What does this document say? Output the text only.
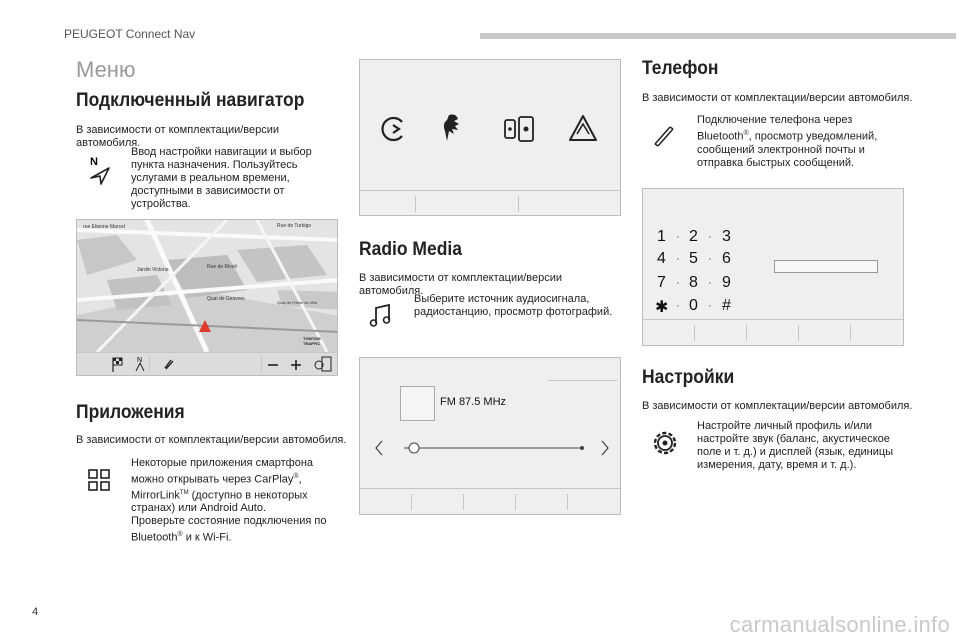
PEUGEOT Connect Nav
Меню
Подключенный навигатор
В зависимости от комплектации/версии автомобиля.
N
Ввод настройки навигации и выбор пункта назначения. Пользуйтесь услугами в реальном времени, доступными в зависимости от устройства.
rue Etienne Marcel	Rue de Turbigo
Jardin Victoria	Rue de Rivoli
Quai de Gesvres
Quai de l'Hôtel de Ville
TOMTOM TRAFFIC
N
Приложения
В зависимости от комплектации/версии автомобиля.
Некоторые приложения смартфона можно открывать через CarPlay®, MirrorLink™ (доступно в некоторых странах) или Android Auto.
Проверьте состояние подключения по
Bluetooth® и к Wi-Fi.
Radio Media
В зависимости от комплектации/версии автомобиля.
Выберите источник аудиосигнала, радиостанцию, просмотр фотографий.
FM 87.5 MHz
Телефон
В зависимости от комплектации/версии автомобиля.
Подключение телефона через Bluetooth®, просмотр уведомлений, сообщений электронной почты и отправка быстрых сообщений.
1 · 2 · 3
4 · 5 · 6
7 · 8 · 9
✱ · 0 · #
Настройки
В зависимости от комплектации/версии автомобиля.
Настройте личный профиль и/или настройте звук (баланс, акустическое поле и т. д.) и дисплей (язык, единицы измерения, дату, время и т. д.).
4	carmanualsonline.info
